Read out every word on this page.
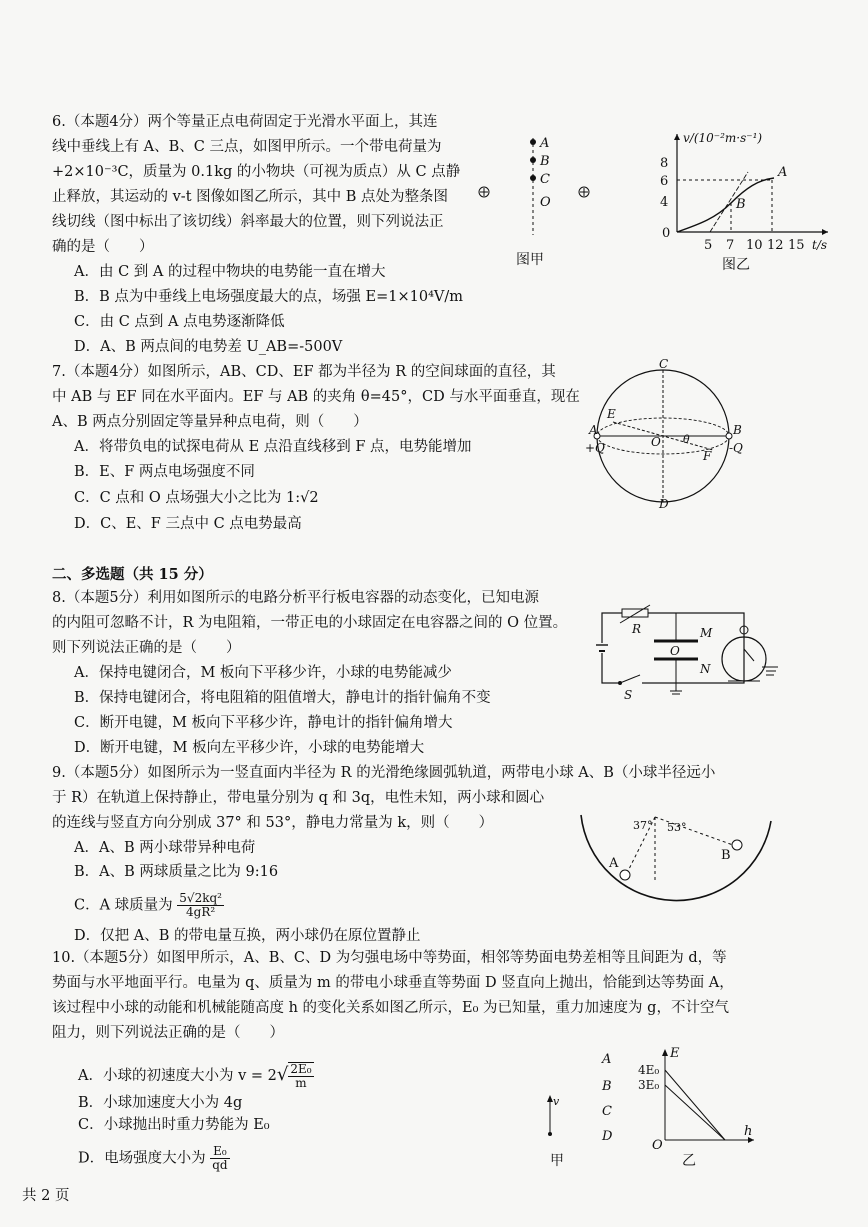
6.（本题4分）两个等量正点电荷固定于光滑水平面上，其连
线中垂线上有 A、B、C 三点，如图甲所示。一个带电荷量为
+2×10⁻³C，质量为 0.1kg 的小物块（可视为质点）从 C 点静
止释放，其运动的 v-t 图像如图乙所示，其中 B 点处为整条图
线切线（图中标出了该切线）斜率最大的位置，则下列说法正
确的是（　　）
A．由 C 到 A 的过程中物块的电势能一直在增大
B．B 点为中垂线上电场强度最大的点，场强 E=1×10⁴V/m
C．由 C 点到 A 点电势逐渐降低
D．A、B 两点间的电势差 U_AB=-500V
A
B
C
O
图甲
v/(10⁻²m·s⁻¹)
8
6
4
0
A
B
5 7 10 12 15 t/s
图乙
7.（本题4分）如图所示，AB、CD、EF 都为半径为 R 的空间球面的直径，其
中 AB 与 EF 同在水平面内。EF 与 AB 的夹角 θ=45°，CD 与水平面垂直，现在
A、B 两点分别固定等量异种点电荷，则（　　）
A．将带负电的试探电荷从 E 点沿直线移到 F 点，电势能增加
B．E、F 两点电场强度不同
C．C 点和 O 点场强大小之比为 1:√2
D．C、E、F 三点中 C 点电势最高
C
D
A	B
E
F
O θ
+Q	-Q
二、多选题（共 15 分）
8.（本题5分）利用如图所示的电路分析平行板电容器的动态变化，已知电源
的内阻可忽略不计，R 为电阻箱，一带正电的小球固定在电容器之间的 O 位置。
则下列说法正确的是（　　）
A．保持电键闭合，M 板向下平移少许，小球的电势能减少
B．保持电键闭合，将电阻箱的阻值增大，静电计的指针偏角不变
C．断开电键，M 板向下平移少许，静电计的指针偏角增大
D．断开电键，M 板向左平移少许，小球的电势能增大
R	M
O
N
S
9.（本题5分）如图所示为一竖直面内半径为 R 的光滑绝缘圆弧轨道，两带电小球 A、B（小球半径远小
于 R）在轨道上保持静止，带电量分别为 q 和 3q，电性未知，两小球和圆心
的连线与竖直方向分别成 37° 和 53°，静电力常量为 k，则（　　）
A．A、B 两小球带异种电荷
B．A、B 两球质量之比为 9:16
C．A 球质量为 $\frac{\text{5√2kq²}}{\text{4gR²}}$
D．仅把 A、B 的带电量互换，两小球仍在原位置静止
37° 53°
A
B
10.（本题5分）如图甲所示，A、B、C、D 为匀强电场中等势面，相邻等势面电势差相等且间距为 d，等
势面与水平地面平行。电量为 q、质量为 m 的带电小球垂直等势面 D 竖直向上抛出，恰能到达等势面 A，
该过程中小球的动能和机械能随高度 h 的变化关系如图乙所示，E₀ 为已知量，重力加速度为 g，不计空气
阻力，则下列说法正确的是（　　）
A．小球的初速度大小为 $v = 2√ \frac{\text{2E₀}}{m}$
B．小球加速度大小为 4g
C．小球抛出时重力势能为 E₀
D．电场强度大小为 $\frac{\text{E₀}}{qd}$
v
A
B
C
D
甲
E
4E₀
3E₀
O
h
乙
共 2 页
